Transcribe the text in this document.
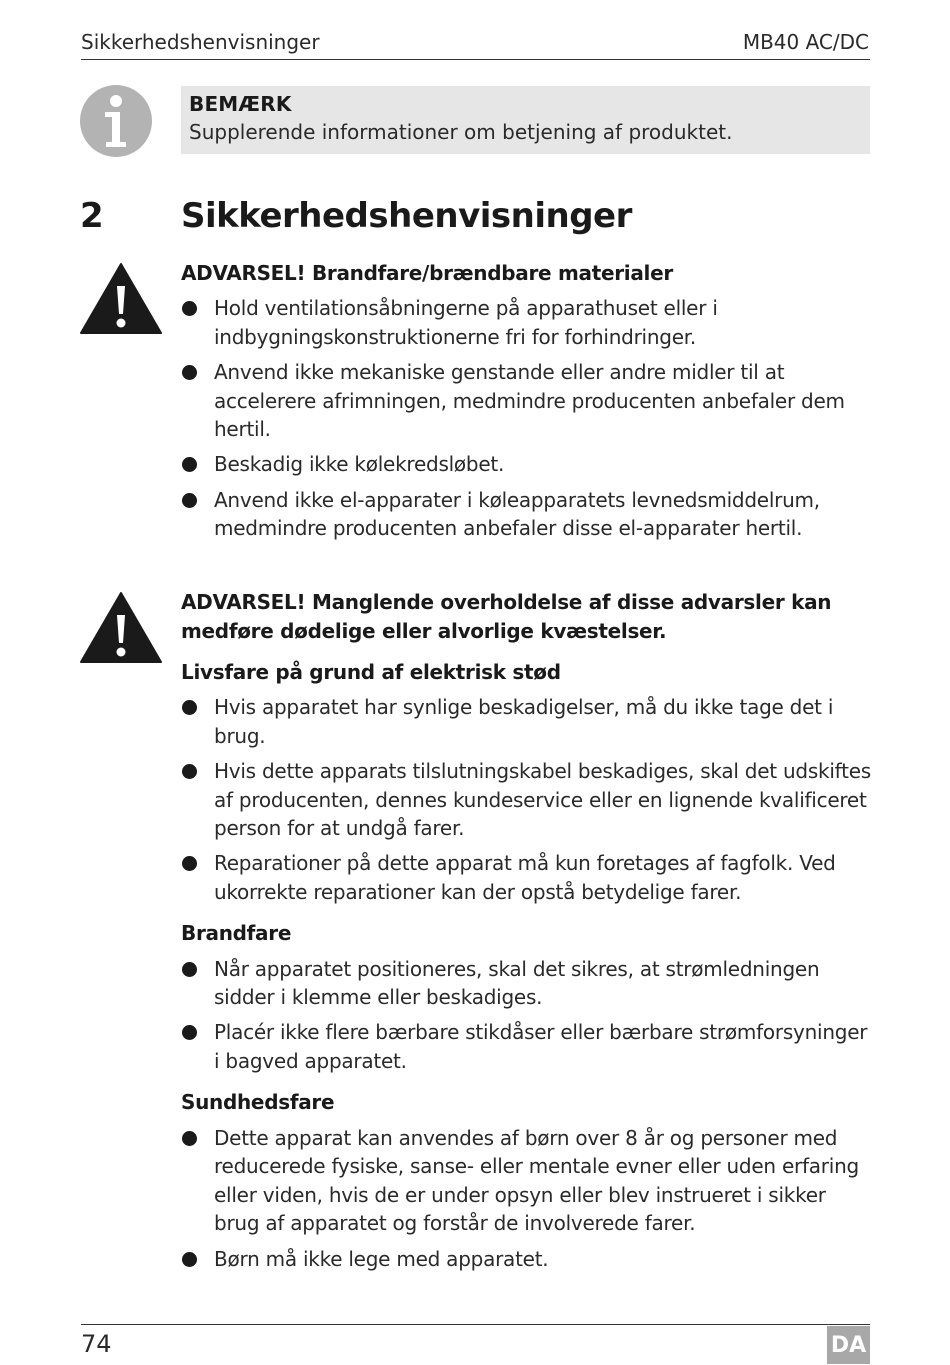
Sikkerhedshenvisninger	MB40 AC/DC
BEMÆRK
Supplerende informationer om betjening af produktet.
2 Sikkerhedshenvisninger
ADVARSEL! Brandfare/brændbare materialer
Hold ventilationsåbningerne på apparathuset eller i indbygningskonstruktionerne fri for forhindringer.
Anvend ikke mekaniske genstande eller andre midler til at accelerere afrimningen, medmindre producenten anbefaler dem hertil.
Beskadig ikke kølekredsløbet.
Anvend ikke el-apparater i køleapparatets levnedsmiddelrum, medmindre producenten anbefaler disse el-apparater hertil.
ADVARSEL! Manglende overholdelse af disse advarsler kan medføre dødelige eller alvorlige kvæstelser.
Livsfare på grund af elektrisk stød
Hvis apparatet har synlige beskadigelser, må du ikke tage det i brug.
Hvis dette apparats tilslutningskabel beskadiges, skal det udskiftes af producenten, dennes kundeservice eller en lignende kvalificeret person for at undgå farer.
Reparationer på dette apparat må kun foretages af fagfolk. Ved ukorrekte reparationer kan der opstå betydelige farer.
Brandfare
Når apparatet positioneres, skal det sikres, at strømledningen sidder i klemme eller beskadiges.
Placér ikke flere bærbare stikdåser eller bærbare strømforsyninger i bagved apparatet.
Sundhedsfare
Dette apparat kan anvendes af børn over 8 år og personer med reducerede fysiske, sanse- eller mentale evner eller uden erfaring eller viden, hvis de er under opsyn eller blev instrueret i sikker brug af apparatet og forstår de involverede farer.
Børn må ikke lege med apparatet.
74	DA
